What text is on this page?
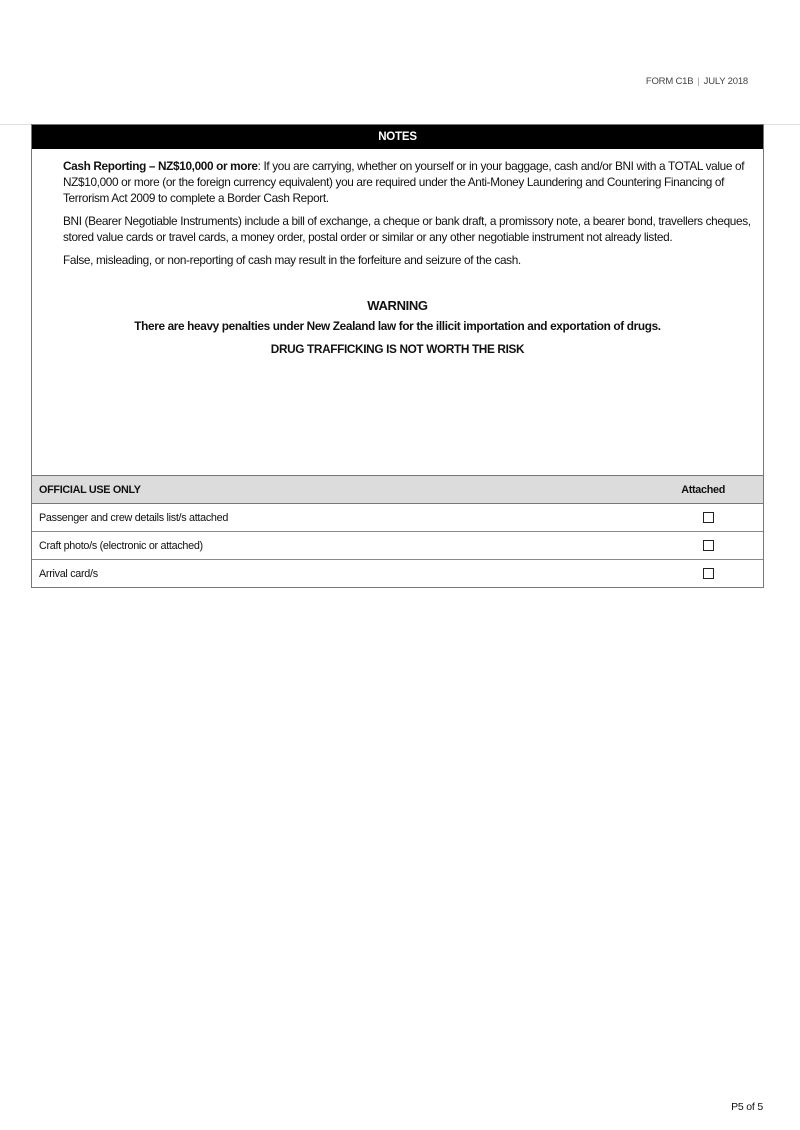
FORM C1B | JULY 2018
NOTES

Cash Reporting – NZ$10,000 or more: If you are carrying, whether on yourself or in your baggage, cash and/or BNI with a TOTAL value of NZ$10,000 or more (or the foreign currency equivalent) you are required under the Anti-Money Laundering and Countering Financing of Terrorism Act 2009 to complete a Border Cash Report.

BNI (Bearer Negotiable Instruments) include a bill of exchange, a cheque or bank draft, a promissory note, a bearer bond, travellers cheques, stored value cards or travel cards, a money order, postal order or similar or any other negotiable instrument not already listed.

False, misleading, or non-reporting of cash may result in the forfeiture and seizure of the cash.

WARNING
There are heavy penalties under New Zealand law for the illicit importation and exportation of drugs.
DRUG TRAFFICKING IS NOT WORTH THE RISK
OFFICIAL USE ONLY	Attached
Passenger and crew details list/s attached
Craft photo/s (electronic or attached)
Arrival card/s
P5 of 5
